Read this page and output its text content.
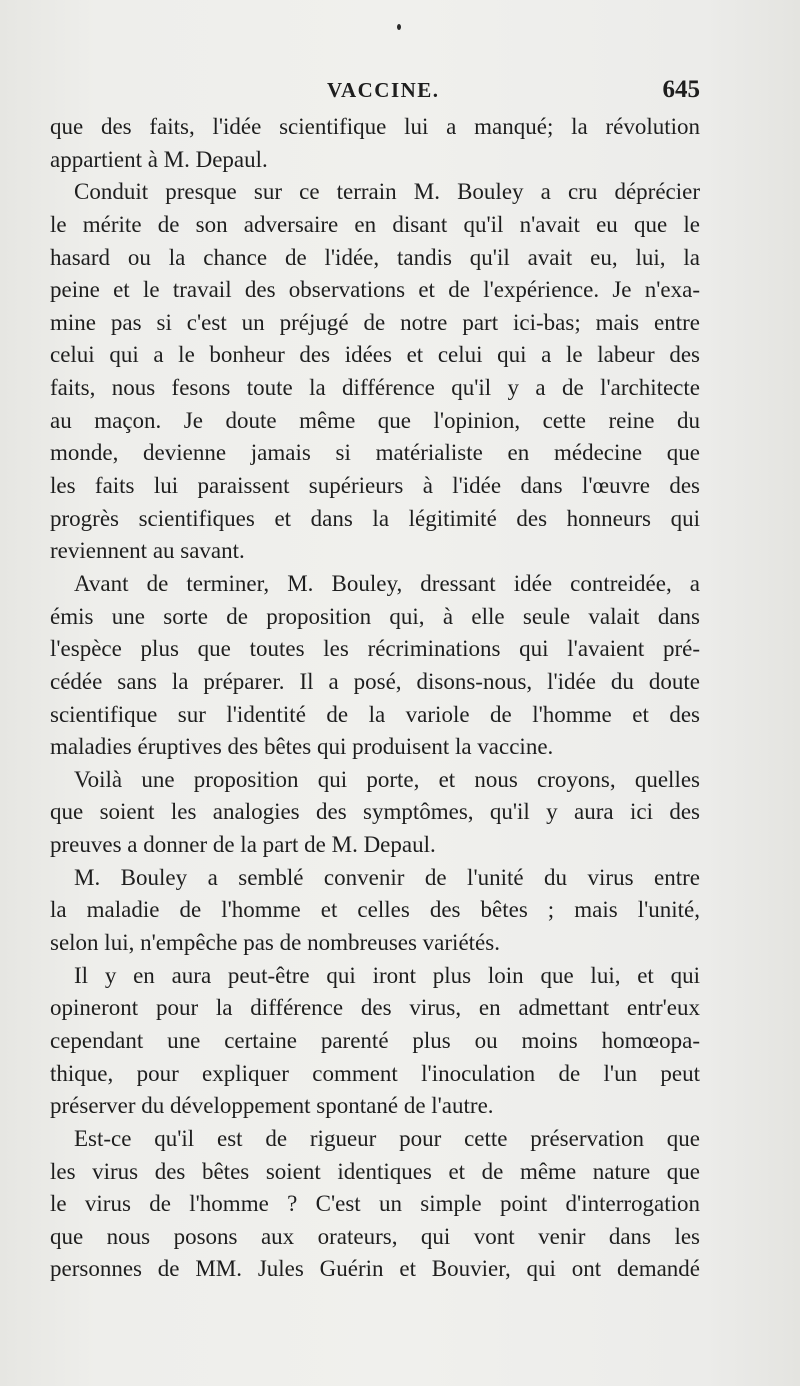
VACCINE.	645
que des faits, l'idée scientifique lui a manqué; la révolution
appartient à M. Depaul.
Conduit presque sur ce terrain M. Bouley a cru déprécier
le mérite de son adversaire en disant qu'il n'avait eu que le
hasard ou la chance de l'idée, tandis qu'il avait eu, lui, la
peine et le travail des observations et de l'expérience. Je n'exa-
mine pas si c'est un préjugé de notre part ici-bas; mais entre
celui qui a le bonheur des idées et celui qui a le labeur des
faits, nous fesons toute la différence qu'il y a de l'architecte
au maçon. Je doute même que l'opinion, cette reine du
monde, devienne jamais si matérialiste en médecine que
les faits lui paraissent supérieurs à l'idée dans l'œuvre des
progrès scientifiques et dans la légitimité des honneurs qui
reviennent au savant.
Avant de terminer, M. Bouley, dressant idée contreidée, a
émis une sorte de proposition qui, à elle seule valait dans
l'espèce plus que toutes les récriminations qui l'avaient pré-
cédée sans la préparer. Il a posé, disons-nous, l'idée du doute
scientifique sur l'identité de la variole de l'homme et des
maladies éruptives des bêtes qui produisent la vaccine.
Voilà une proposition qui porte, et nous croyons, quelles
que soient les analogies des symptômes, qu'il y aura ici des
preuves a donner de la part de M. Depaul.
M. Bouley a semblé convenir de l'unité du virus entre
la maladie de l'homme et celles des bêtes ; mais l'unité,
selon lui, n'empêche pas de nombreuses variétés.
Il y en aura peut-être qui iront plus loin que lui, et qui
opineront pour la différence des virus, en admettant entr'eux
cependant une certaine parenté plus ou moins homœopa-
thique, pour expliquer comment l'inoculation de l'un peut
préserver du développement spontané de l'autre.
Est-ce qu'il est de rigueur pour cette préservation que
les virus des bêtes soient identiques et de même nature que
le virus de l'homme ? C'est un simple point d'interrogation
que nous posons aux orateurs, qui vont venir dans les
personnes de MM. Jules Guérin et Bouvier, qui ont demandé
